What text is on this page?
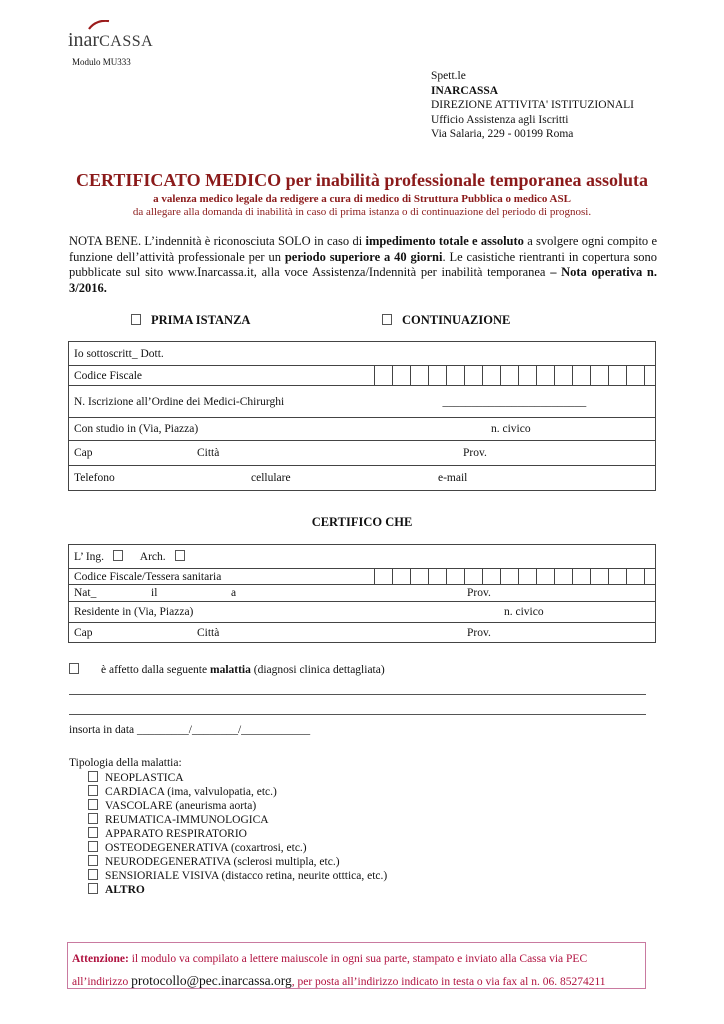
inarCASSA
Modulo MU333
Spett.le
INARCASSA
DIREZIONE ATTIVITA' ISTITUZIONALI
Ufficio Assistenza agli Iscritti
Via Salaria, 229 - 00199 Roma
CERTIFICATO MEDICO per inabilità professionale temporanea assoluta
a valenza medico legale da redigere a cura di medico di Struttura Pubblica o medico ASL
da allegare alla domanda di inabilità in caso di prima istanza o di continuazione del periodo di prognosi.
NOTA BENE. L’indennità è riconosciuta SOLO in caso di impedimento totale e assoluto a svolgere ogni compito e funzione dell’attività professionale per un periodo superiore a 40 giorni. Le casistiche rientranti in copertura sono pubblicate sul sito www.Inarcassa.it, alla voce Assistenza/Indennità per inabilità temporanea – Nota operativa n. 3/2016.
PRIMA ISTANZA	CONTINUAZIONE
Io sottoscritt_ Dott.
Codice Fiscale

N. Iscrizione all’Ordine dei Medici-Chirurghi	_________________________

Con studio in (Via, Piazza)	n. civico

Cap	Città	Prov.

Telefono	cellulare	e-mail
CERTIFICO CHE
L’ Ing.	Arch.
Codice Fiscale/Tessera sanitaria

Nat_	il	a	Prov.

Residente in (Via, Piazza)	n. civico

Cap	Città	Prov.
è affetto dalla seguente malattia (diagnosi clinica dettagliata)
insorta in data _________/________/____________
Tipologia della malattia:
NEOPLASTICA
CARDIACA (ima, valvulopatia, etc.)
VASCOLARE (aneurisma aorta)
REUMATICA-IMMUNOLOGICA
APPARATO RESPIRATORIO
OSTEODEGENERATIVA (coxartrosi, etc.)
NEURODEGENERATIVA (sclerosi multipla, etc.)
SENSIORIALE VISIVA (distacco retina, neurite otttica, etc.)
ALTRO
Attenzione: il modulo va compilato a lettere maiuscole in ogni sua parte, stampato e inviato alla Cassa via PEC
all’indirizzo protocollo@pec.inarcassa.org, per posta all’indirizzo indicato in testa o via fax al n. 06. 85274211
